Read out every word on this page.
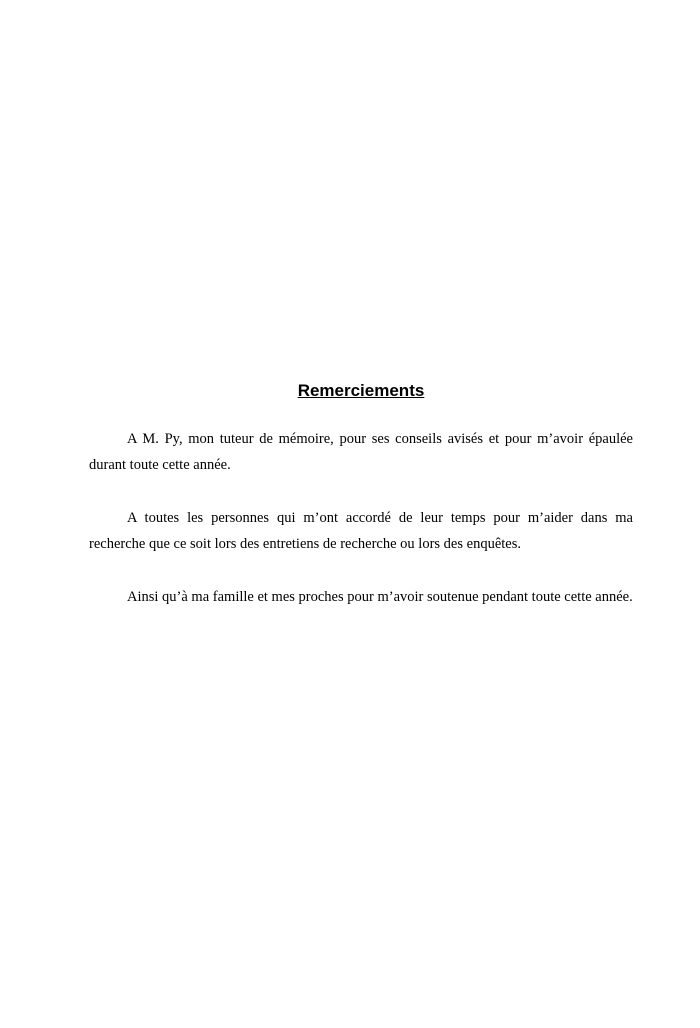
Remerciements

A M. Py, mon tuteur de mémoire, pour ses conseils avisés et pour m’avoir épaulée durant toute cette année.

A toutes les personnes qui m’ont accordé de leur temps pour m’aider dans ma recherche que ce soit lors des entretiens de recherche ou lors des enquêtes.

Ainsi qu’à ma famille et mes proches pour m’avoir soutenue pendant toute cette année.
